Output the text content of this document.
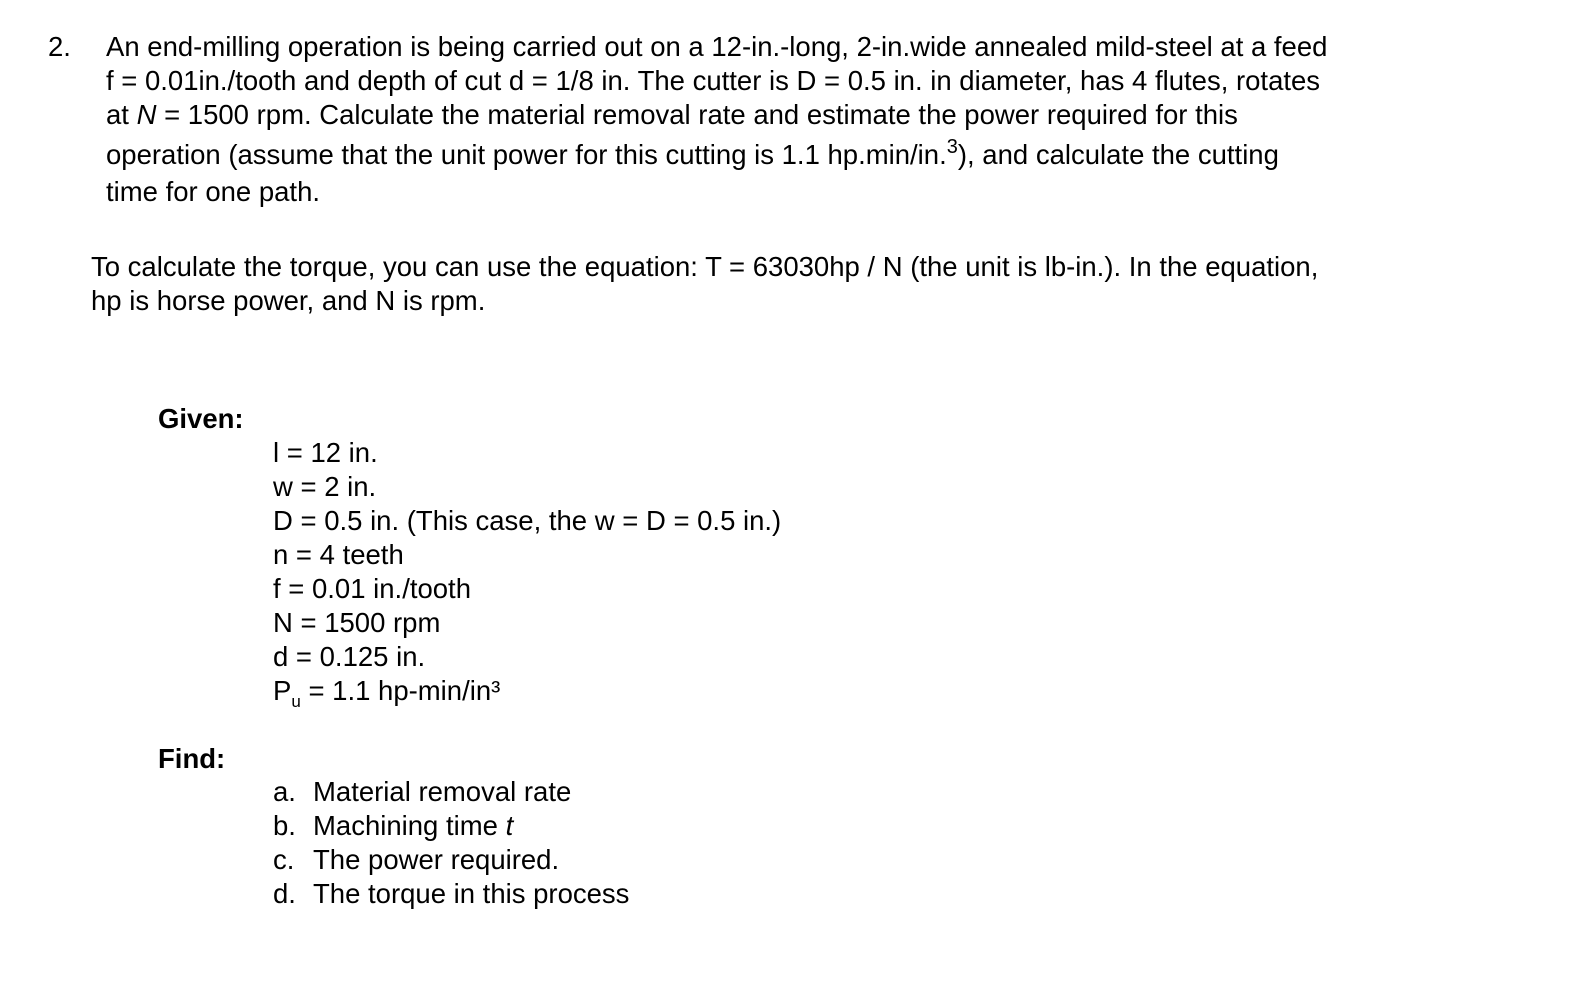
2. An end-milling operation is being carried out on a 12-in.-long, 2-in.wide annealed mild-steel at a feed

f = 0.01in./tooth and depth of cut d = 1/8 in. The cutter is D = 0.5 in. in diameter, has 4 flutes, rotates

at N = 1500 rpm. Calculate the material removal rate and estimate the power required for this

operation (assume that the unit power for this cutting is 1.1 hp.min/in.$^3$), and calculate the cutting

time for one path.

To calculate the torque, you can use the equation: T = 63030hp / N (the unit is lb-in.). In the equation,

hp is horse power, and N is rpm.

Given:
l = 12 in.
w = 2 in.
D = 0.5 in. (This case, the w = D = 0.5 in.)
n = 4 teeth
f = 0.01 in./tooth
N = 1500 rpm
d = 0.125 in.
$P_u = 1.1$ hp-min/in³
Find:
a. Material removal rate
b. Machining time t
c. The power required.
d. The torque in this process
